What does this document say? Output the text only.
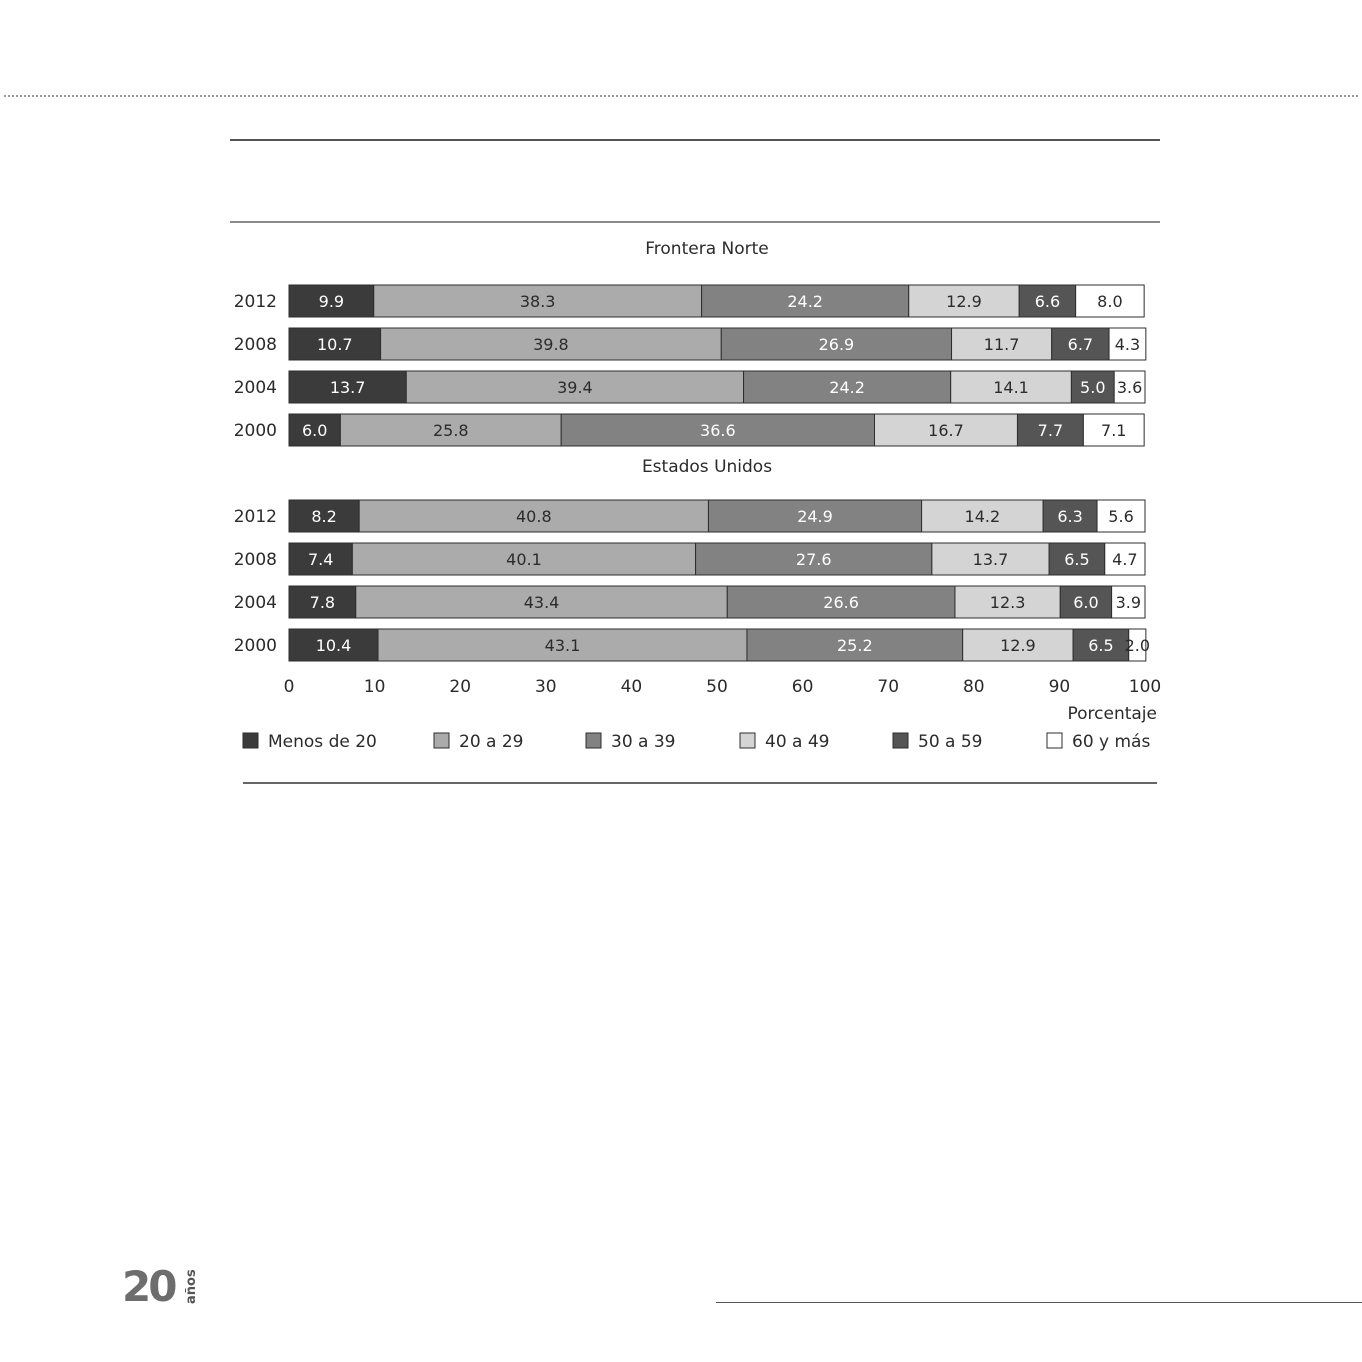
Frontera Norte
2012	9.9	38.3	24.2	12.9	6.6 8.0
2008 10.7	39.8	26.9	11.7	6.7 4.3
2004	13.7	39.4	24.2	14.1	5.0 3.6
2000 6.0	25.8	36.6	16.7	7.7 7.1
Estados Unidos
2012 8.2	40.8	24.9	14.2	6.3 5.6
2008 7.4	40.1	27.6	13.7	6.5 4.7
2004 7.8	43.4	26.6	12.3	6.0 3.9
2000 10.4	43.1	25.2	12.9	6.5 2.0
0	10	20	30	40	50	60	70	80	90	100
Porcentaje
Menos de 20	20 a 29	30 a 39	40 a 49	50 a 59	60 y más
20 años
